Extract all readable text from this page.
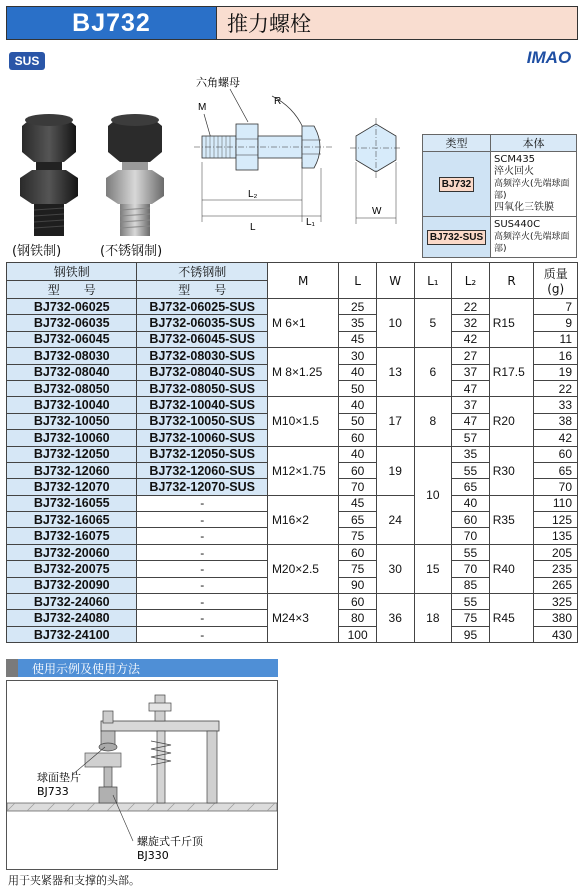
BJ732	推力螺栓
SUS	IMAO
(钢铁制)	(不锈钢制)
六角螺母
M
R
L₂
L	L₁
W
类型	本体
BJ732	SCM435
淬火回火
高频淬火(先端球面部)
四氧化三铁膜

BJ732-SUS	SUS440C
高频淬火(先端球面部)
钢铁制	不锈钢制	M	L	W	L₁	L₂	R	质量
(g)

型　　号	型　　号							
BJ732-06025	BJ732-06025-SUS	M 6×1	25	10	5	22	R15	7
BJ732-06035	BJ732-06035-SUS		35			32		9
BJ732-06045	BJ732-06045-SUS		45			42		11
BJ732-08030	BJ732-08030-SUS	M 8×1.25	30	13	6	27	R17.5	16
BJ732-08040	BJ732-08040-SUS		40			37		19
BJ732-08050	BJ732-08050-SUS		50			47		22
BJ732-10040	BJ732-10040-SUS	M10×1.5	40	17	8	37	R20	33
BJ732-10050	BJ732-10050-SUS		50			47		38
BJ732-10060	BJ732-10060-SUS		60			57		42
BJ732-12050	BJ732-12050-SUS	M12×1.75	40	19	10	35	R30	60
BJ732-12060	BJ732-12060-SUS		60			55		65
BJ732-12070	BJ732-12070-SUS		70			65		70
BJ732-16055	-	M16×2	45	24		40	R35	110
BJ732-16065	-		65			60		125
BJ732-16075	-		75			70		135
BJ732-20060	-	M20×2.5	60	30	15	55	R40	205
BJ732-20075	-		75			70		235
BJ732-20090	-		90			85		265
BJ732-24060	-	M24×3	60	36	18	55	R45	325
BJ732-24080	-		80			75		380
BJ732-24100	-		100			95		430
使用示例及使用方法
球面垫片
BJ733
螺旋式千斤顶
BJ330
用于夹紧器和支撑的头部。
